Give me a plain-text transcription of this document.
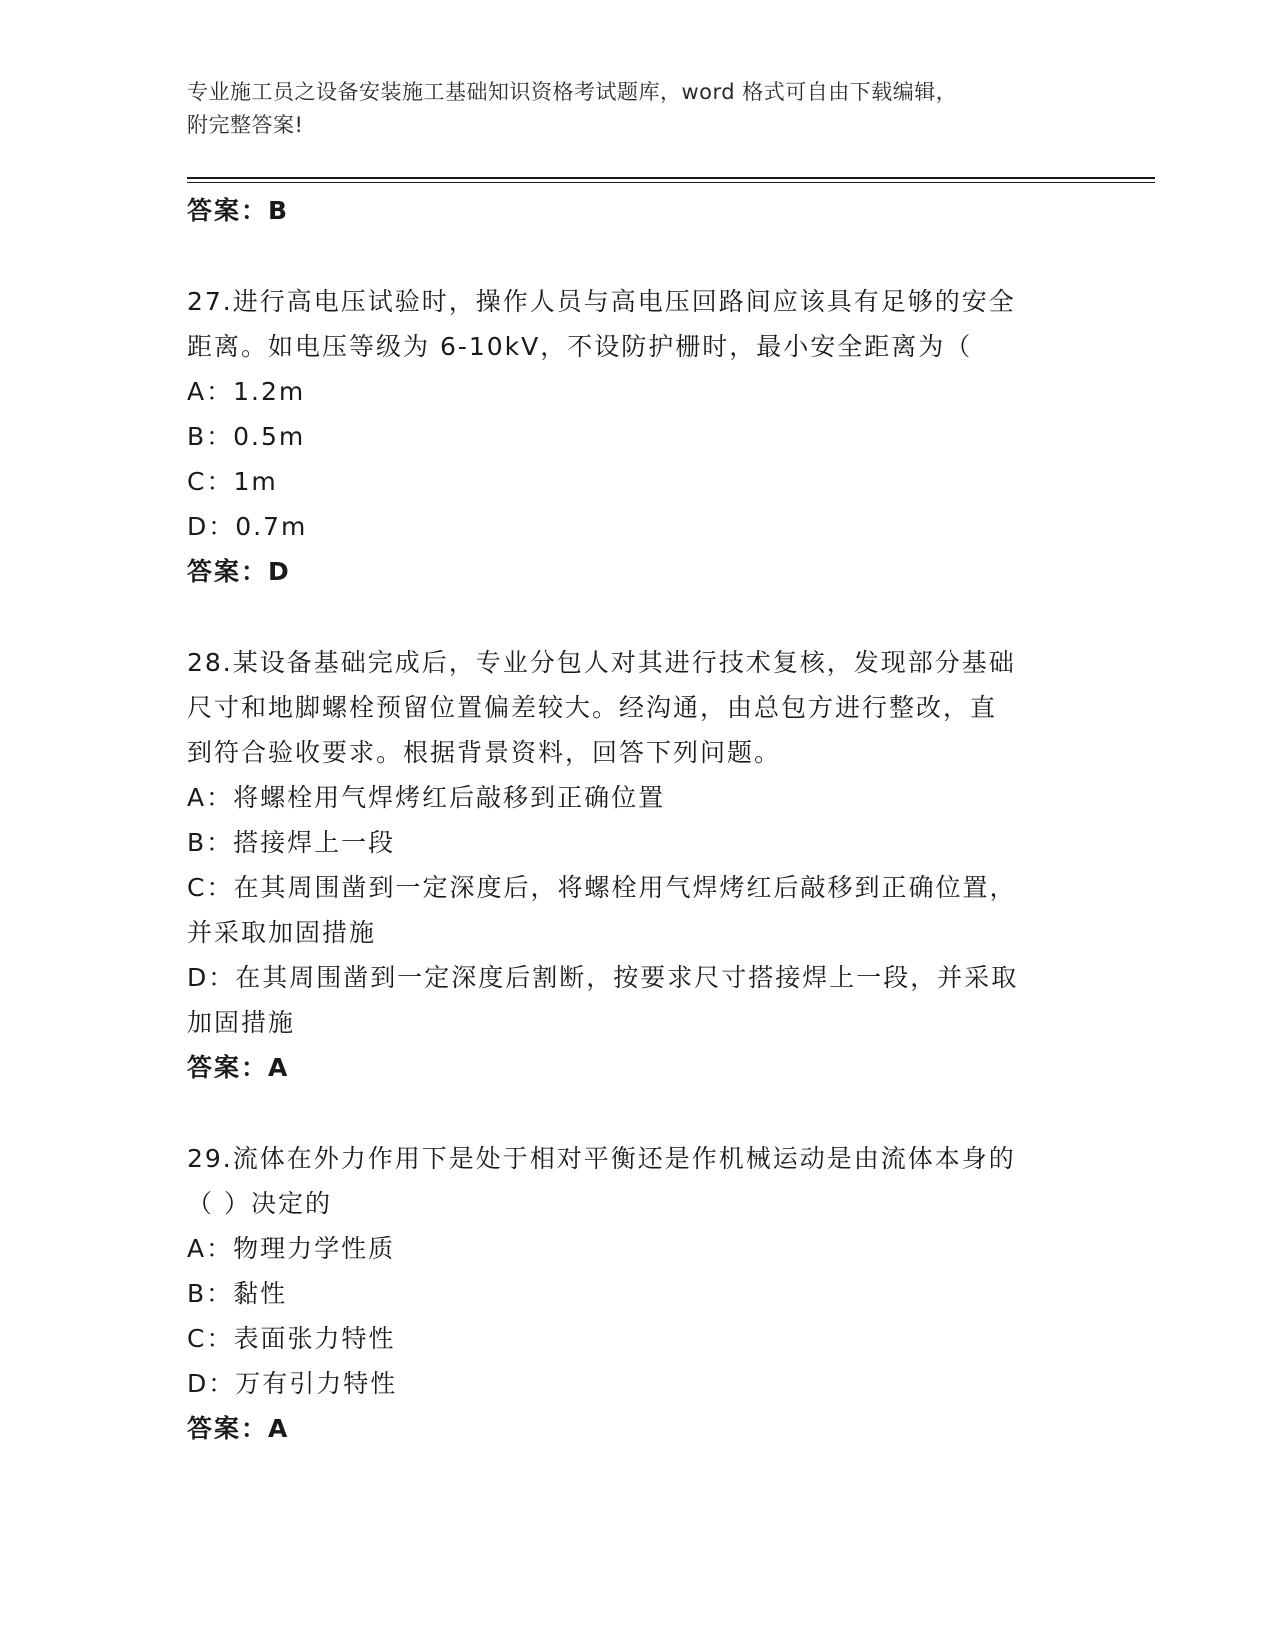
专业施工员之设备安装施工基础知识资格考试题库，word 格式可自由下载编辑，
附完整答案!
答案：B
27.进行高电压试验时，操作人员与高电压回路间应该具有足够的安全
距离。如电压等级为 6-10kV，不设防护栅时，最小安全距离为（
A：1.2m
B：0.5m
C：1m
D：0.7m
答案：D
28.某设备基础完成后，专业分包人对其进行技术复核，发现部分基础
尺寸和地脚螺栓预留位置偏差较大。经沟通，由总包方进行整改，直
到符合验收要求。根据背景资料，回答下列问题。
A：将螺栓用气焊烤红后敲移到正确位置
B：搭接焊上一段
C：在其周围凿到一定深度后，将螺栓用气焊烤红后敲移到正确位置，
并采取加固措施
D：在其周围凿到一定深度后割断，按要求尺寸搭接焊上一段，并采取
加固措施
答案：A
29.流体在外力作用下是处于相对平衡还是作机械运动是由流体本身的
（ ）决定的
A：物理力学性质
B：黏性
C：表面张力特性
D：万有引力特性
答案：A
